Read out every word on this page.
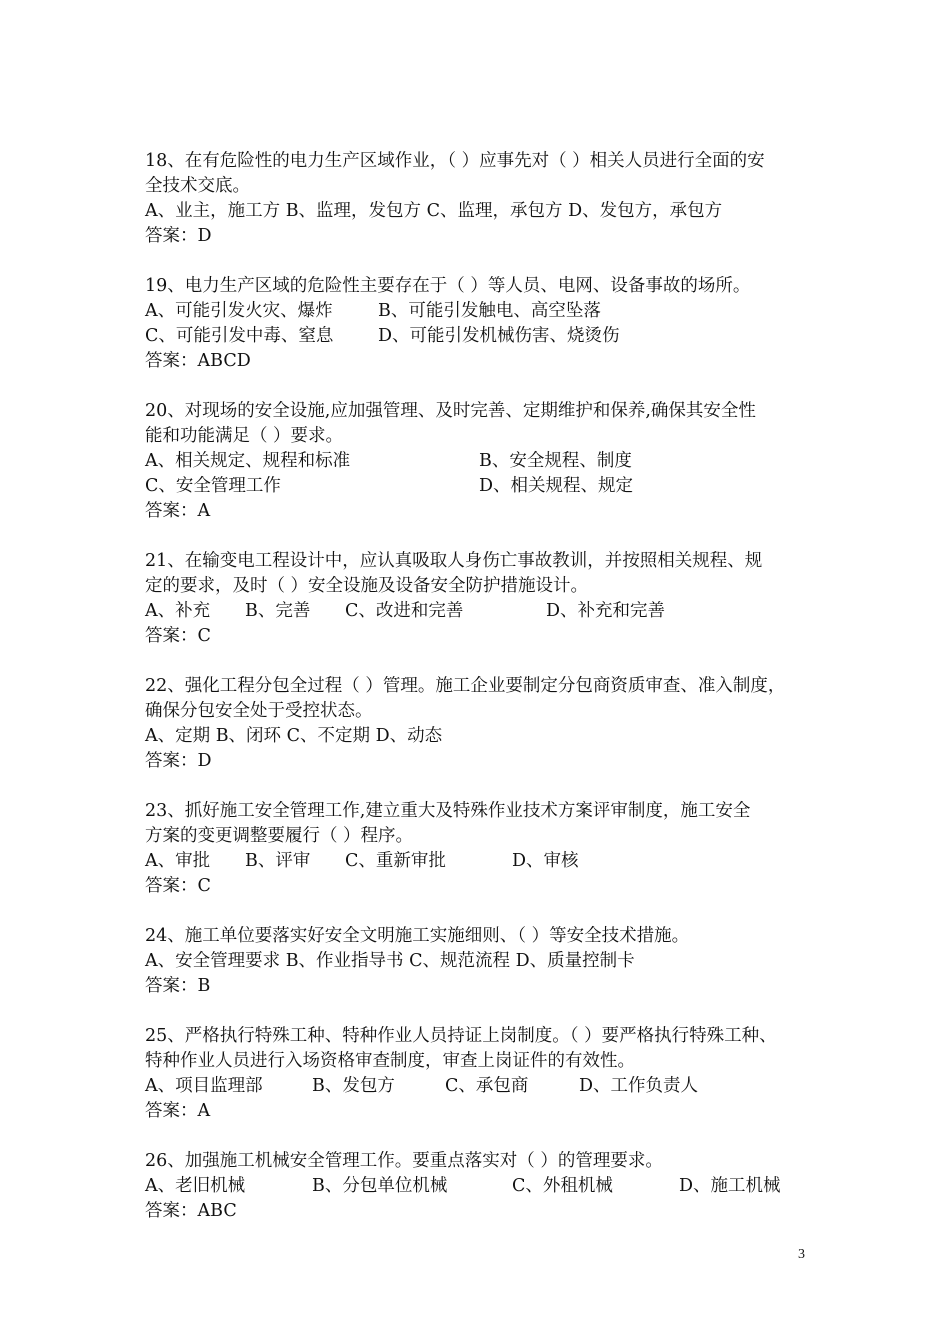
18、在有危险性的电力生产区域作业，（ ）应事先对（ ）相关人员进行全面的安
全技术交底。
A、业主，施工方 B、监理，发包方 C、监理，承包方 D、发包方，承包方
答案：D
19、电力生产区域的危险性主要存在于（ ）等人员、电网、设备事故的场所。
A、可能引发火灾、爆炸	B、可能引发触电、高空坠落
C、可能引发中毒、窒息	D、可能引发机械伤害、烧烫伤
答案：ABCD
20、对现场的安全设施,应加强管理、及时完善、定期维护和保养,确保其安全性
能和功能满足（ ）要求。
A、相关规定、规程和标准	B、安全规程、制度
C、安全管理工作	D、相关规程、规定
答案：A
21、在输变电工程设计中，应认真吸取人身伤亡事故教训，并按照相关规程、规
定的要求，及时（ ）安全设施及设备安全防护措施设计。
A、补充 B、完善 C、改进和完善	D、补充和完善
答案：C
22、强化工程分包全过程（ ）管理。施工企业要制定分包商资质审查、准入制度，
确保分包安全处于受控状态。
A、定期 B、闭环 C、不定期 D、动态
答案：D
23、抓好施工安全管理工作,建立重大及特殊作业技术方案评审制度，施工安全
方案的变更调整要履行（ ）程序。
A、审批 B、评审 C、重新审批	D、审核
答案：C
24、施工单位要落实好安全文明施工实施细则、（ ）等安全技术措施。
A、安全管理要求 B、作业指导书 C、规范流程 D、质量控制卡
答案：B
25、严格执行特殊工种、特种作业人员持证上岗制度。（ ）要严格执行特殊工种、
特种作业人员进行入场资格审查制度，审查上岗证件的有效性。
A、项目监理部	B、发包方	C、承包商	D、工作负责人
答案：A
26、加强施工机械安全管理工作。要重点落实对（ ）的管理要求。
A、老旧机械	B、分包单位机械	C、外租机械	D、施工机械
答案：ABC
3
